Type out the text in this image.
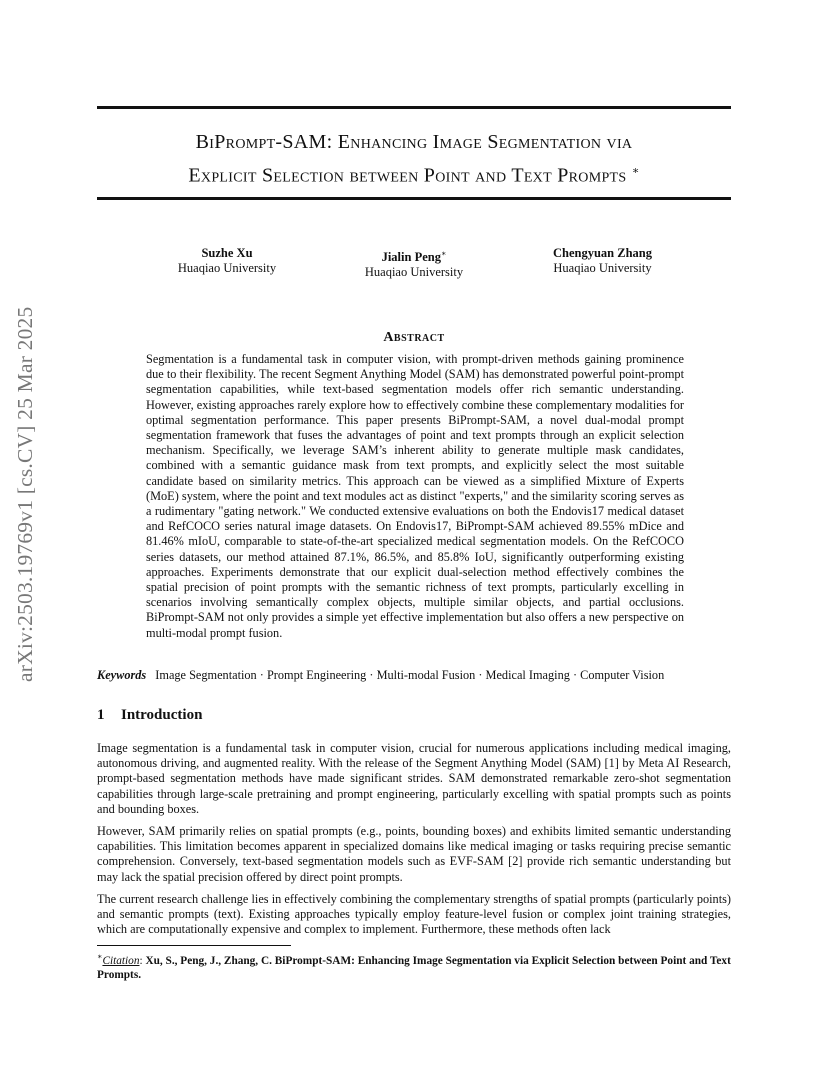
arXiv:2503.19769v1 [cs.CV] 25 Mar 2025
BiPrompt-SAM: Enhancing Image Segmentation via
Explicit Selection between Point and Text Prompts ∗
Suzhe Xu
Huaqiao University
Jialin Peng∗
Huaqiao University
Chengyuan Zhang
Huaqiao University
Abstract
Segmentation is a fundamental task in computer vision, with prompt-driven methods gaining prominence due to their flexibility. The recent Segment Anything Model (SAM) has demonstrated powerful point-prompt segmentation capabilities, while text-based segmentation models offer rich semantic understanding. However, existing approaches rarely explore how to effectively combine these complementary modalities for optimal segmentation performance. This paper presents BiPrompt-SAM, a novel dual-modal prompt segmentation framework that fuses the advantages of point and text prompts through an explicit selection mechanism. Specifically, we leverage SAM’s inherent ability to generate multiple mask candidates, combined with a semantic guidance mask from text prompts, and explicitly select the most suitable candidate based on similarity metrics. This approach can be viewed as a simplified Mixture of Experts (MoE) system, where the point and text modules act as distinct "experts," and the similarity scoring serves as a rudimentary "gating network." We conducted extensive evaluations on both the Endovis17 medical dataset and RefCOCO series natural image datasets. On Endovis17, BiPrompt-SAM achieved 89.55% mDice and 81.46% mIoU, comparable to state-of-the-art specialized medical segmentation models. On the RefCOCO series datasets, our method attained 87.1%, 86.5%, and 85.8% IoU, significantly outperforming existing approaches. Experiments demonstrate that our explicit dual-selection method effectively combines the spatial precision of point prompts with the semantic richness of text prompts, particularly excelling in scenarios involving semantically complex objects, multiple similar objects, and partial occlusions. BiPrompt-SAM not only provides a simple yet effective implementation but also offers a new perspective on multi-modal prompt fusion.
Keywords Image Segmentation · Prompt Engineering · Multi-modal Fusion · Medical Imaging · Computer Vision
1 Introduction

Image segmentation is a fundamental task in computer vision, crucial for numerous applications including medical imaging, autonomous driving, and augmented reality. With the release of the Segment Anything Model (SAM) [1] by Meta AI Research, prompt-based segmentation methods have made significant strides. SAM demonstrated remarkable zero-shot segmentation capabilities through large-scale pretraining and prompt engineering, particularly excelling with spatial prompts such as points and bounding boxes.

However, SAM primarily relies on spatial prompts (e.g., points, bounding boxes) and exhibits limited semantic understanding capabilities. This limitation becomes apparent in specialized domains like medical imaging or tasks requiring precise semantic comprehension. Conversely, text-based segmentation models such as EVF-SAM [2] provide rich semantic understanding but may lack the spatial precision offered by direct point prompts.

The current research challenge lies in effectively combining the complementary strengths of spatial prompts (particularly points) and semantic prompts (text). Existing approaches typically employ feature-level fusion or complex joint training strategies, which are computationally expensive and complex to implement. Furthermore, these methods often lack

∗Citation: Xu, S., Peng, J., Zhang, C. BiPrompt-SAM: Enhancing Image Segmentation via Explicit Selection between Point and Text Prompts.
